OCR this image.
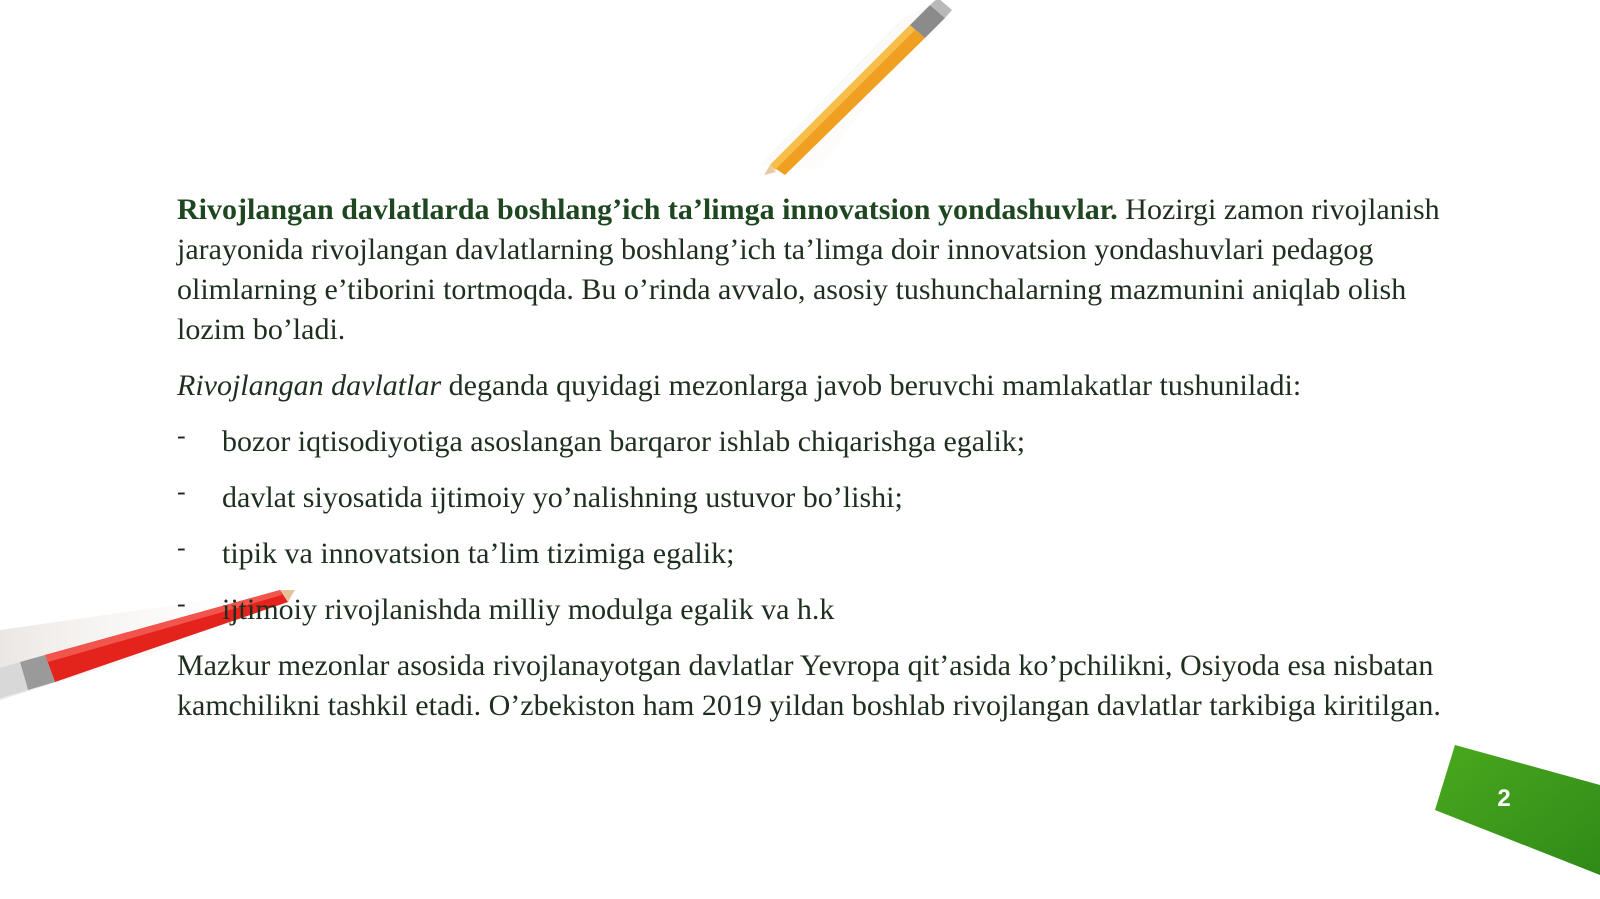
2

Rivojlangan davlatlarda boshlang’ich ta’limga innovatsion yondashuvlar. Hozirgi zamon rivojlanish jarayonida rivojlangan davlatlarning boshlang’ich ta’limga doir innovatsion yondashuvlari pedagog olimlarning e’tiborini tortmoqda. Bu o’rinda avvalo, asosiy tushunchalarning mazmunini aniqlab olish lozim bo’ladi.

Rivojlangan davlatlar deganda quyidagi mezonlarga javob beruvchi mamlakatlar tushuniladi:

- bozor iqtisodiyotiga asoslangan barqaror ishlab chiqarishga egalik;
- davlat siyosatida ijtimoiy yo’nalishning ustuvor bo’lishi;
- tipik va innovatsion ta’lim tizimiga egalik;
- ijtimoiy rivojlanishda milliy modulga egalik va h.k

Mazkur mezonlar asosida rivojlanayotgan davlatlar Yevropa qit’asida ko’pchilikni, Osiyoda esa nisbatan kamchilikni tashkil etadi. O’zbekiston ham 2019 yildan boshlab rivojlangan davlatlar tarkibiga kiritilgan.
